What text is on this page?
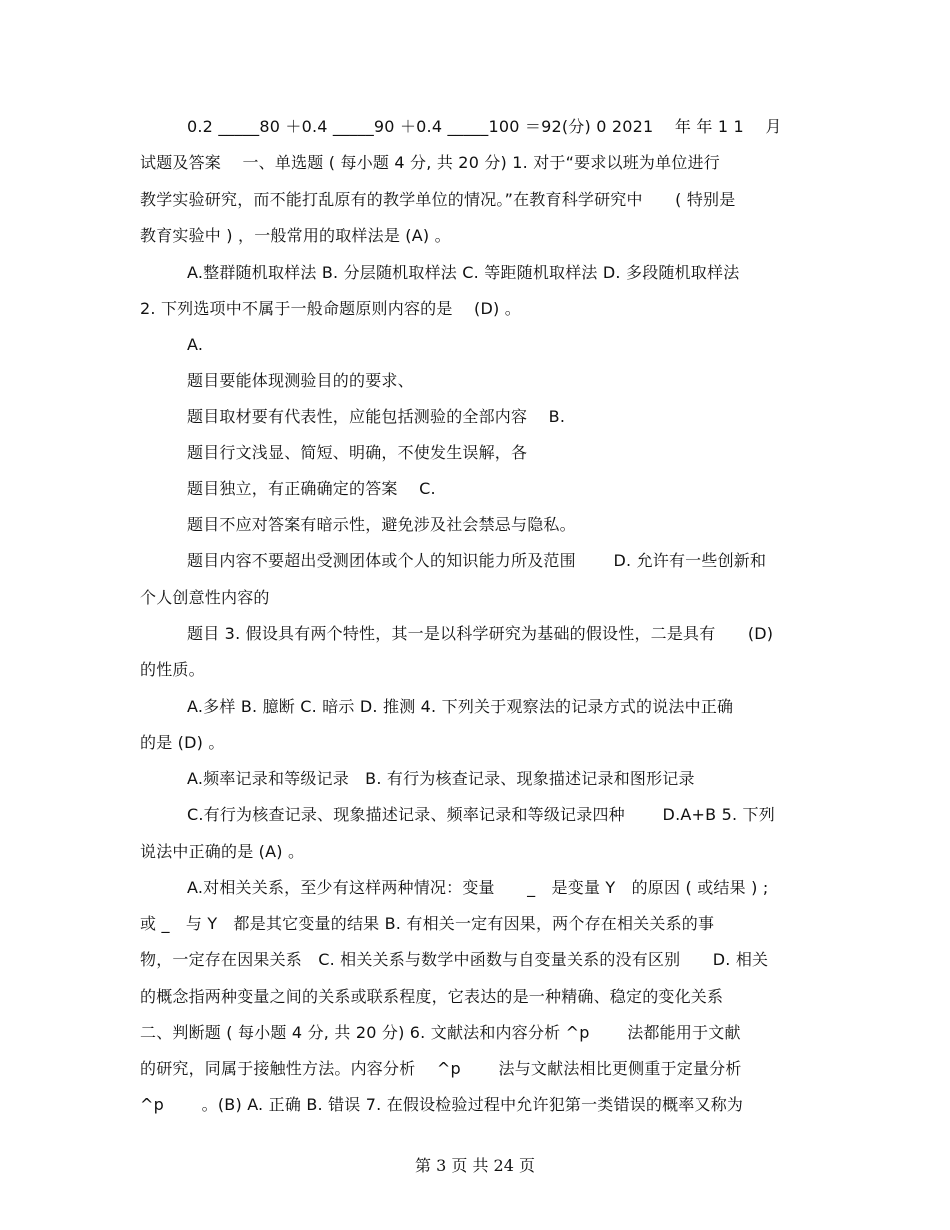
0.2 _____80 ＋0.4 _____90 ＋0.4 _____100 ＝92(分) 0 2021　 年 年 1 1　 月
试题及答案 　一、单选题 ( 每小题 4 分, 共 20 分) 1. 对于“要求以班为单位进行
教学实验研究，而不能打乱原有的教学单位的情况。”在教育科学研究中　　( 特别是
教育实验中 ) ，一般常用的取样法是 (A) 。
A.整群随机取样法 B. 分层随机取样法 C. 等距随机取样法 D. 多段随机取样法
2. 下列选项中不属于一般命题原则内容的是　 (D) 。
A.
题目要能体现测验目的的要求、
题目取材要有代表性，应能包括测验的全部内容　 B.
题目行文浅显、简短、明确，不使发生误解，各
题目独立，有正确确定的答案　 C.
题目不应对答案有暗示性，避免涉及社会禁忌与隐私。
题目内容不要超出受测团体或个人的知识能力所及范围　　 D. 允许有一些创新和
个人创意性内容的
题目 3. 假设具有两个特性，其一是以科学研究为基础的假设性，二是具有　　(D)
的性质。
A.多样 B. 臆断 C. 暗示 D. 推测 4. 下列关于观察法的记录方式的说法中正确
的是 (D) 。
A.频率记录和等级记录　B. 有行为核查记录、现象描述记录和图形记录
C.有行为核查记录、现象描述记录、频率记录和等级记录四种　　 D.A+B 5. 下列
说法中正确的是 (A) 。
A.对相关关系，至少有这样两种情况：变量　　_　是变量 Y　的原因 ( 或结果 ) ;
或 _　与 Y　都是其它变量的结果 B. 有相关一定有因果，两个存在相关关系的事
物，一定存在因果关系　C. 相关关系与数学中函数与自变量关系的没有区别　　D. 相关
的概念指两种变量之间的关系或联系程度，它表达的是一种精确、稳定的变化关系
二、判断题 ( 每小题 4 分, 共 20 分) 6. 文献法和内容分析 ^p　　 法都能用于文献
的研究，同属于接触性方法。内容分析　 ^p　　 法与文献法相比更侧重于定量分析
^p　　 。(B) A. 正确 B. 错误 7. 在假设检验过程中允许犯第一类错误的概率又称为
第 3 页 共 24 页
